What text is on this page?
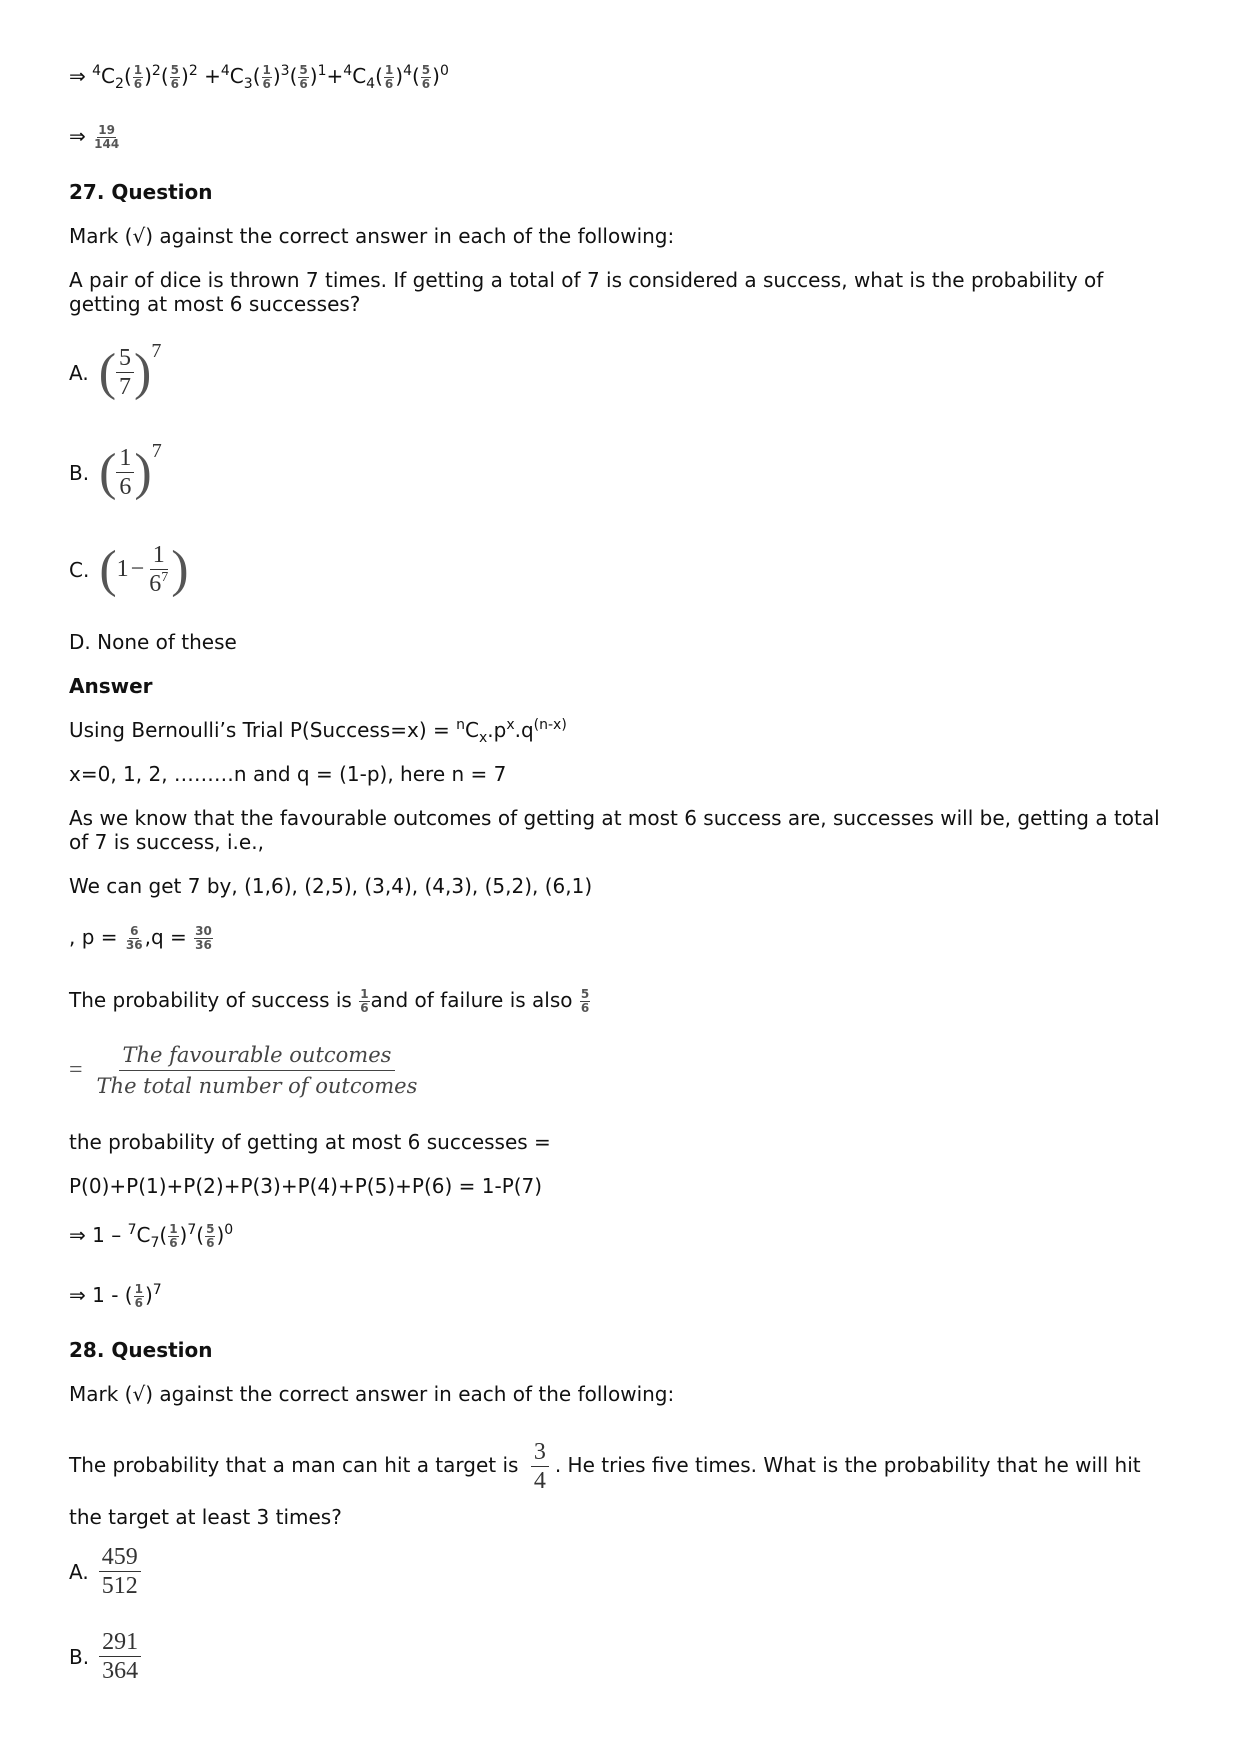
⇒ $^4C_2( \frac{1}{6} )^2( \frac{5}{6} )^2 +^4C_3( \frac{1}{6} )^3( \frac{5}{6} )^1+^4C_4( \frac{1}{6} )^4( \frac{5}{6} )^0$
⇒ $\frac{19}{144}$
27. Question
Mark (√) against the correct answer in each of the following:
A pair of dice is thrown 7 times. If getting a total of 7 is considered a success, what is the probability of getting at most 6 successes?
A. ( $\frac{5}{7}$ ) 7
B. ( $\frac{1}{6}$ ) 7
C. ( $1 - \frac{1}{6^7}$ )
D. None of these
Answer
Using Bernoulli’s Trial P(Success=x) = $^nC_x.p^x.q^{(n-x)}$
x=0, 1, 2, ………n and q = (1-p), here n = 7
As we know that the favourable outcomes of getting at most 6 success are, successes will be, getting a total of 7 is success, i.e.,
We can get 7 by, (1,6), (2,5), (3,4), (4,3), (5,2), (6,1)
, $p = \frac{6}{36} ,q = \frac{30}{36}$
The probability of success is $\frac{1}{6}$ and of failure is also $\frac{5}{6}$
=
The favourable outcomes
The total number of outcomes
the probability of getting at most 6 successes =
P(0)+P(1)+P(2)+P(3)+P(4)+P(5)+P(6) = 1-P(7)
⇒ $1 - ^7C_7( \frac{1}{6} )^7( \frac{5}{6} )^0$
⇒ 1 - ( $\frac{1}{6} )^7$
28. Question
Mark (√) against the correct answer in each of the following:
The probability that a man can hit a target is $\frac{3}{4}$ . He tries five times. What is the probability that he will hit
the target at least 3 times?
A. $\frac{459}{512}$
B. $\frac{291}{364}$
